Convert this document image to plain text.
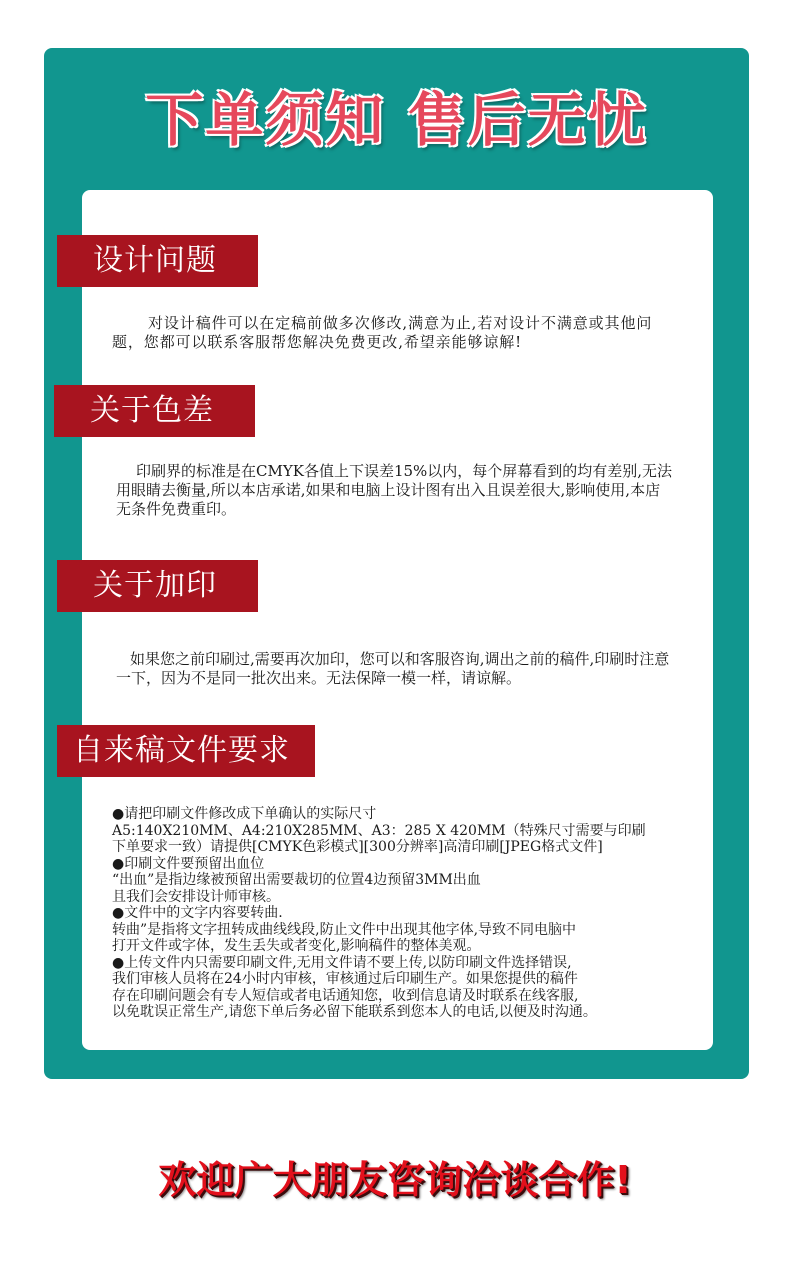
下单须知 售后无忧
设计问题

对设计稿件可以在定稿前做多次修改,满意为止,若对设计不满意或其他问题，您都可以联系客服帮您解决免费更改,希望亲能够谅解!

关于色差

印刷界的标准是在CMYK各值上下误差15%以内，每个屏幕看到的均有差别,无法用眼睛去衡量,所以本店承诺,如果和电脑上设计图有出入且误差很大,影响使用,本店无条件免费重印。

关于加印

如果您之前印刷过,需要再次加印，您可以和客服咨询,调出之前的稿件,印刷时注意一下，因为不是同一批次出来。无法保障一模一样，请谅解。

自来稿文件要求
●请把印刷文件修改成下单确认的实际尺寸
A5:140X210MM、A4:210X285MM、A3：285 X 420MM（特殊尺寸需要与印刷
下单要求一致）请提供[CMYK色彩模式][300分辨率]高清印刷[JPEG格式文件]
●印刷文件要预留出血位
“出血”是指边缘被预留出需要裁切的位置4边预留3MM出血
且我们会安排设计师审核。
●文件中的文字内容要转曲.
转曲”是指将文字扭转成曲线线段,防止文件中出现其他字体,导致不同电脑中
打开文件或字体，发生丢失或者变化,影响稿件的整体美观。
●上传文件内只需要印刷文件,无用文件请不要上传,以防印刷文件选择错误,
我们审核人员将在24小时内审核，审核通过后印刷生产。如果您提供的稿件
存在印刷问题会有专人短信或者电话通知您，收到信息请及时联系在线客服,
以免耽误正常生产,请您下单后务必留下能联系到您本人的电话,以便及时沟通。

欢迎广大朋友咨询洽谈合作!
